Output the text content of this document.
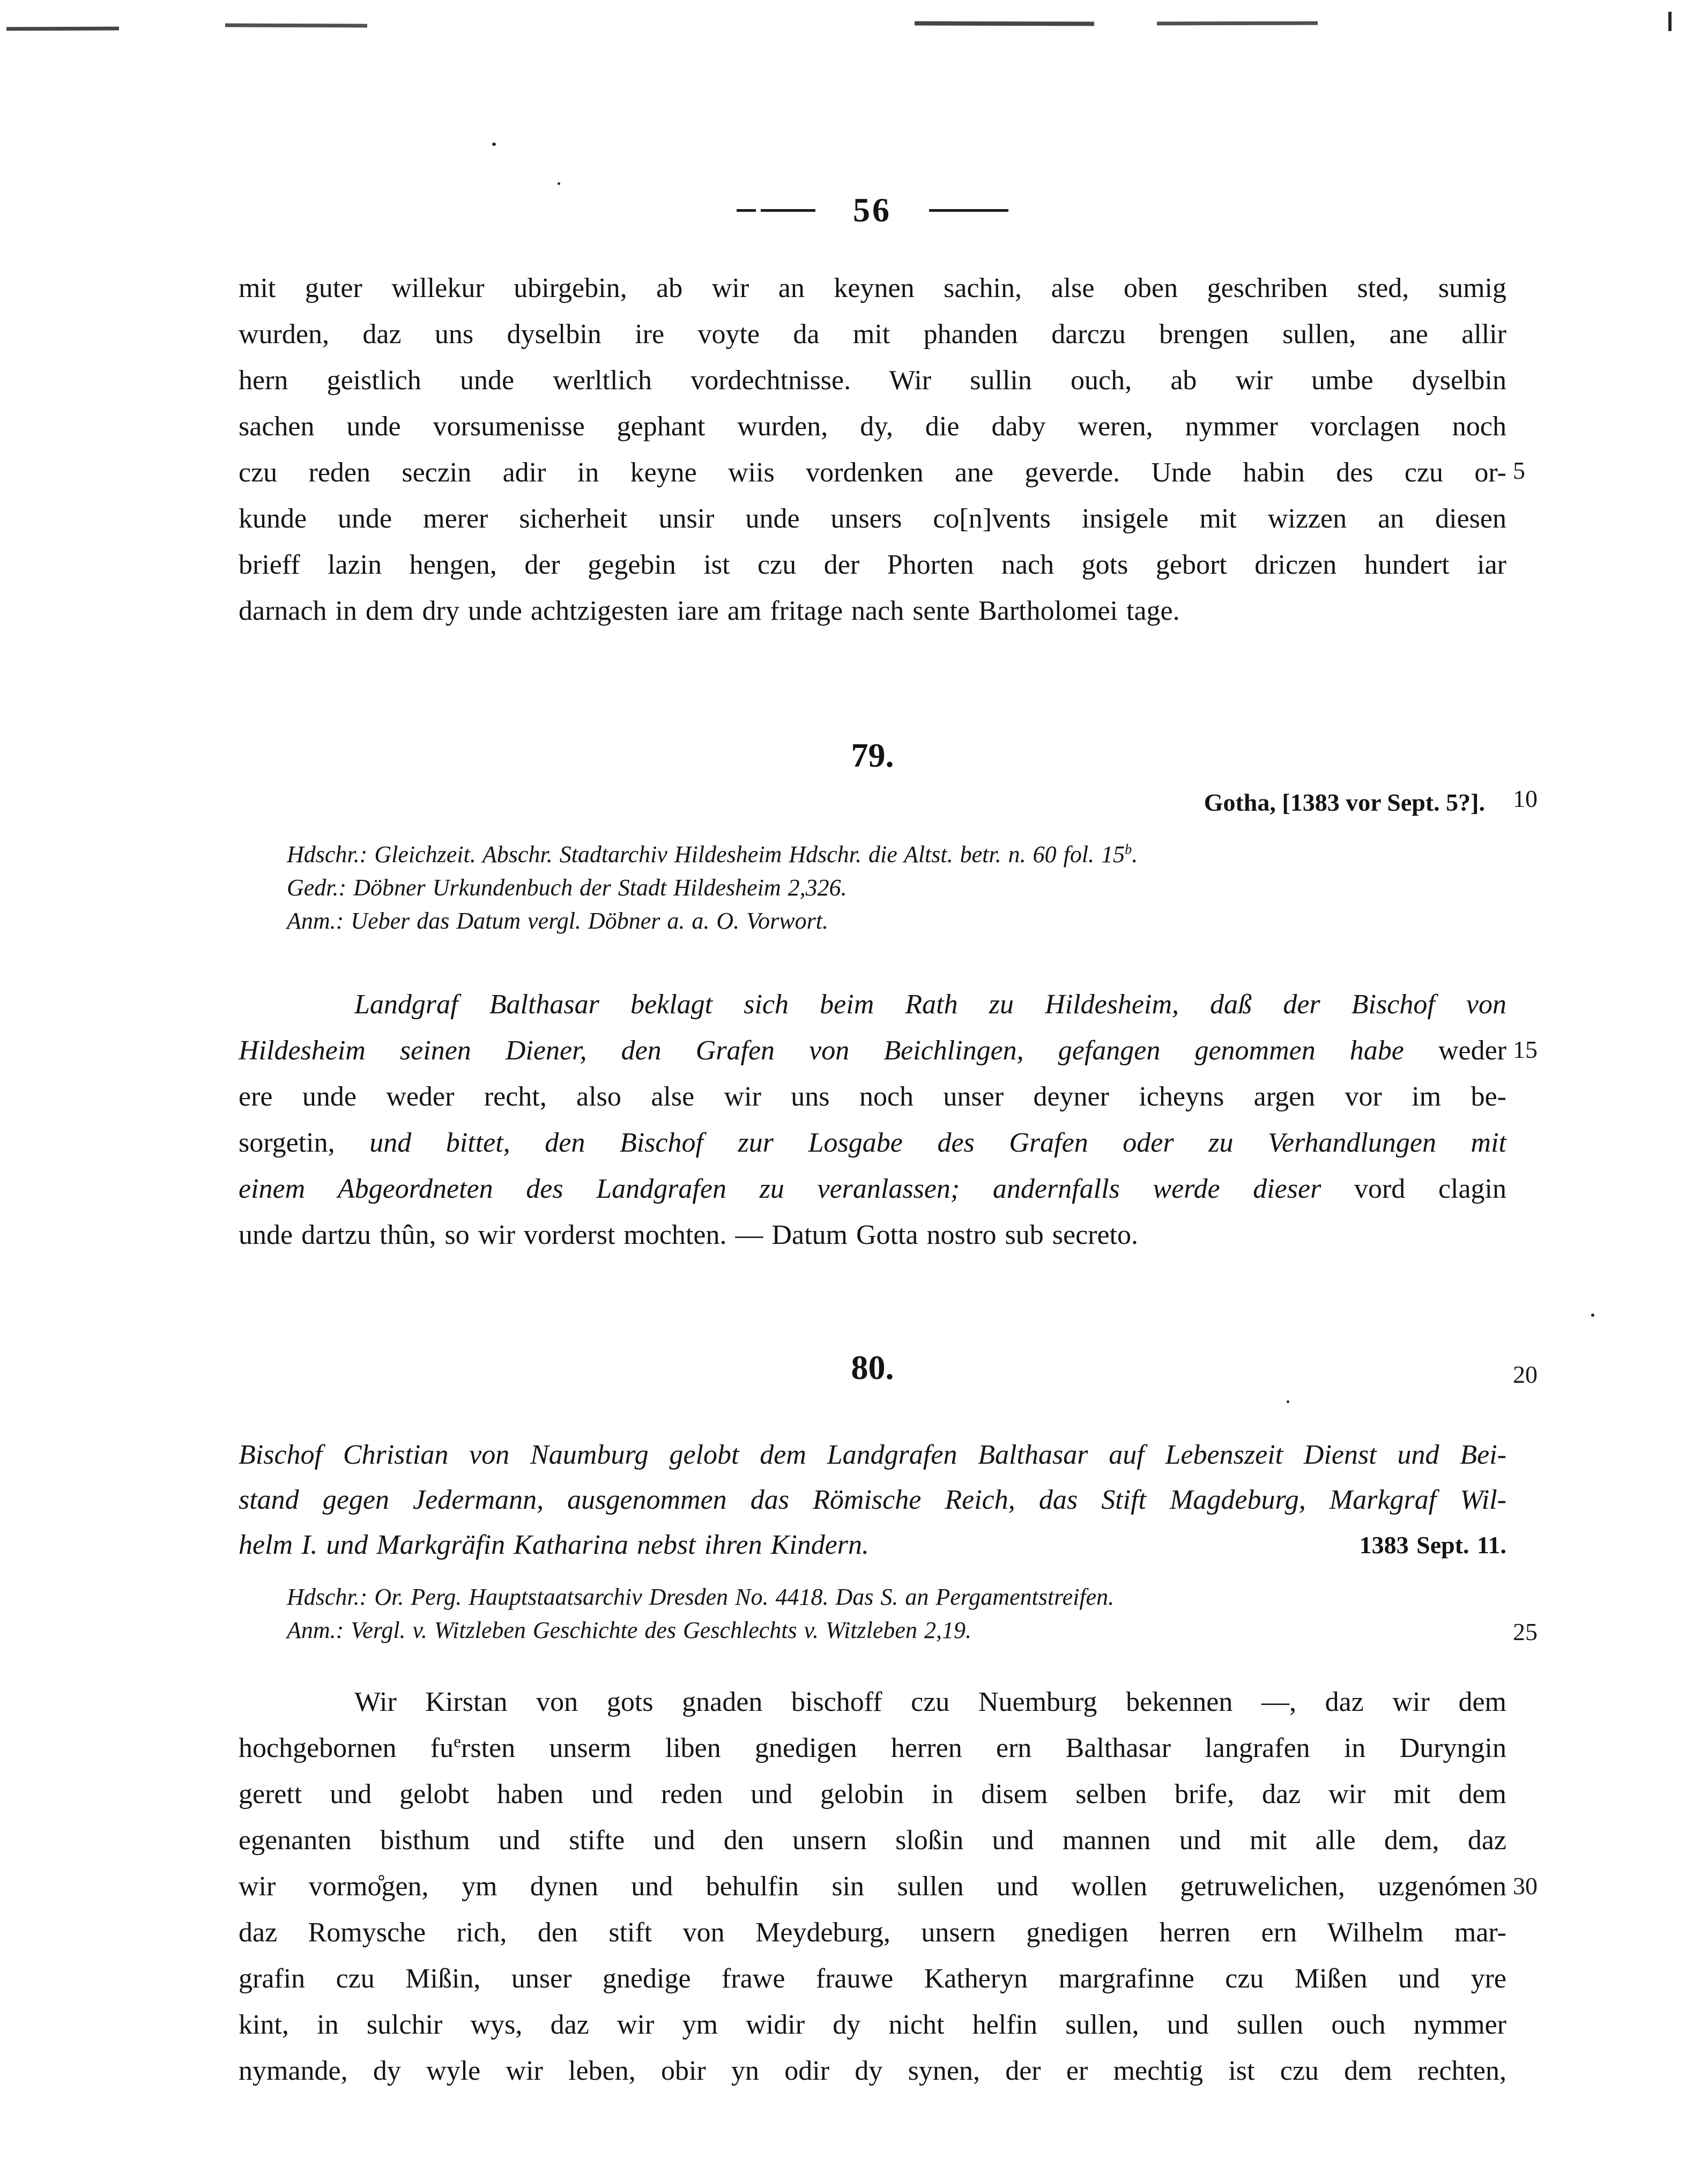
56
mit guter willekur ubirgebin, ab wir an keynen sachin, alse oben geschriben sted, sumig
wurden, daz uns dyselbin ire voyte da mit phanden darczu brengen sullen, ane allir
hern geistlich unde werltlich vordechtnisse. Wir sullin ouch, ab wir umbe dyselbin
sachen unde vorsumenisse gephant wurden, dy, die daby weren, nymmer vorclagen noch
czu reden seczin adir in keyne wiis vordenken ane geverde. Unde habin des czu or-
kunde unde merer sicherheit unsir unde unsers co[n]vents insigele mit wizzen an diesen
brieff lazin hengen, der gegebin ist czu der Phorten nach gots gebort driczen hundert iar
darnach in dem dry unde achtzigesten iare am fritage nach sente Bartholomei tage.
79.
Gotha, [1383 vor Sept. 5?].
Hdschr.: Gleichzeit. Abschr. Stadtarchiv Hildesheim Hdschr. die Altst. betr. n. 60 fol. 15$^b$.
Gedr.: Döbner Urkundenbuch der Stadt Hildesheim 2,326.
Anm.: Ueber das Datum vergl. Döbner a. a. O. Vorwort.
Landgraf Balthasar beklagt sich beim Rath zu Hildesheim, daß der Bischof von
Hildesheim seinen Diener, den Grafen von Beichlingen, gefangen genommen habe weder
ere unde weder recht, also alse wir uns noch unser deyner icheyns argen vor im be-
sorgetin, und bittet, den Bischof zur Losgabe des Grafen oder zu Verhandlungen mit
einem Abgeordneten des Landgrafen zu veranlassen; andernfalls werde dieser vord clagin
unde dartzu thûn, so wir vorderst mochten. — Datum Gotta nostro sub secreto.
80.
Bischof Christian von Naumburg gelobt dem Landgrafen Balthasar auf Lebenszeit Dienst und Bei-
stand gegen Jedermann, ausgenommen das Römische Reich, das Stift Magdeburg, Markgraf Wil-
helm I. und Markgräfin Katharina nebst ihren Kindern.	1383 Sept. 11.
Hdschr.: Or. Perg. Hauptstaatsarchiv Dresden No. 4418. Das S. an Pergamentstreifen.
Anm.: Vergl. v. Witzleben Geschichte des Geschlechts v. Witzleben 2,19.
Wir Kirstan von gots gnaden bischoff czu Nuemburg bekennen —, daz wir dem
hochgebornen $fu^ersten$ unserm liben gnedigen herren ern Balthasar langrafen in Duryngin
gerett und gelobt haben und reden und gelobin in disem selben brife, daz wir mit dem
egenanten bisthum und stifte und den unsern sloßin und mannen und mit alle dem, daz
wir vormo̊gen, ym dynen und behulfin sin sullen und wollen getruwelichen, uzgenómen
daz Romysche rich, den stift von Meydeburg, unsern gnedigen herren ern Wilhelm mar-
grafin czu Mißin, unser gnedige frawe frauwe Katheryn margrafinne czu Mißen und yre
kint, in sulchir wys, daz wir ym widir dy nicht helfin sullen, und sullen ouch nymmer
nymande, dy wyle wir leben, obir yn odir dy synen, der er mechtig ist czu dem rechten,
5
10
15
20
25
30
